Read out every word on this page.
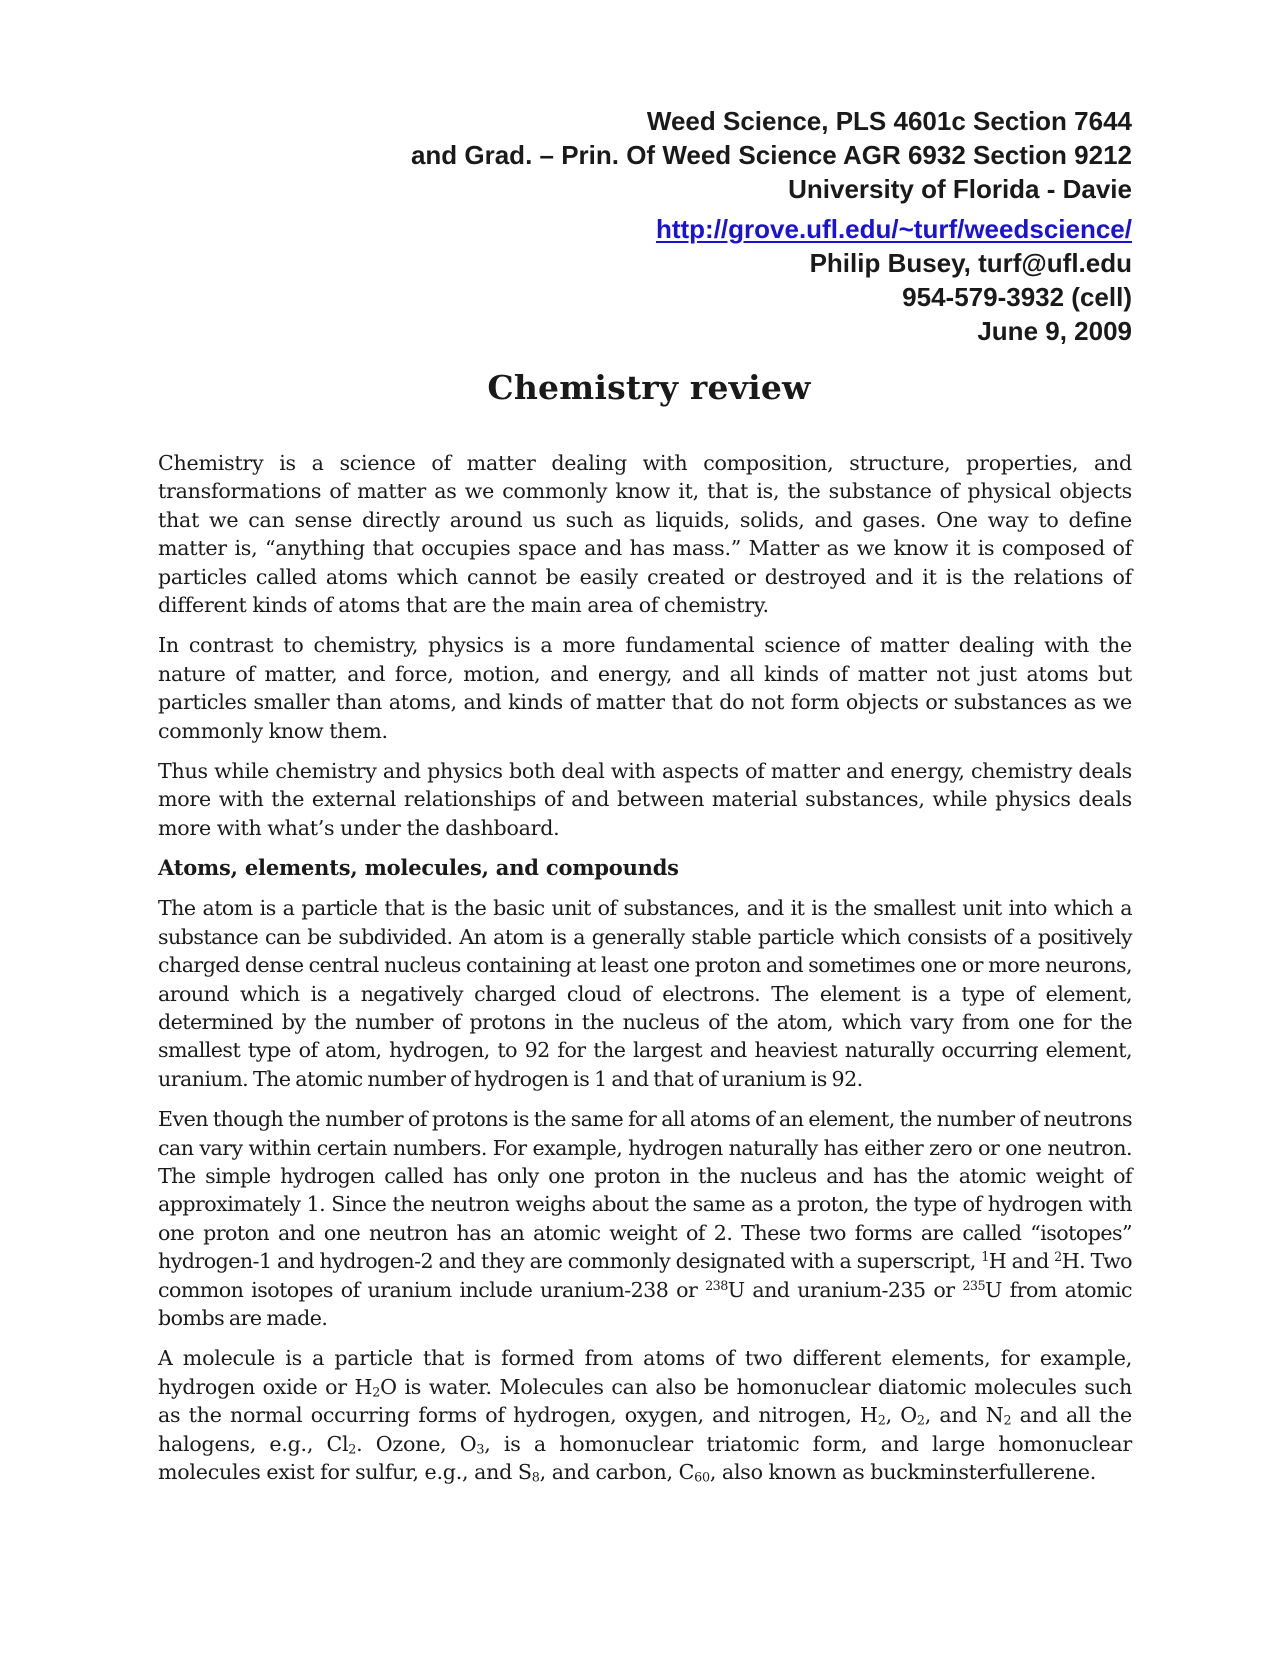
Weed Science, PLS 4601c Section 7644
and Grad. – Prin. Of Weed Science AGR 6932 Section 9212
University of Florida - Davie
http://grove.ufl.edu/~turf/weedscience/
Philip Busey, turf@ufl.edu
954-579-3932 (cell)
June 9, 2009
Chemistry review

Chemistry is a science of matter dealing with composition, structure, properties, and transformations of matter as we commonly know it, that is, the substance of physical objects that we can sense directly around us such as liquids, solids, and gases. One way to define matter is, “anything that occupies space and has mass.” Matter as we know it is composed of particles called atoms which cannot be easily created or destroyed and it is the relations of different kinds of atoms that are the main area of chemistry.

In contrast to chemistry, physics is a more fundamental science of matter dealing with the nature of matter, and force, motion, and energy, and all kinds of matter not just atoms but particles smaller than atoms, and kinds of matter that do not form objects or substances as we commonly know them.

Thus while chemistry and physics both deal with aspects of matter and energy, chemistry deals more with the external relationships of and between material substances, while physics deals more with what’s under the dashboard.

Atoms, elements, molecules, and compounds

The atom is a particle that is the basic unit of substances, and it is the smallest unit into which a substance can be subdivided. An atom is a generally stable particle which consists of a positively charged dense central nucleus containing at least one proton and sometimes one or more neurons, around which is a negatively charged cloud of electrons. The element is a type of element, determined by the number of protons in the nucleus of the atom, which vary from one for the smallest type of atom, hydrogen, to 92 for the largest and heaviest naturally occurring element, uranium. The atomic number of hydrogen is 1 and that of uranium is 92.

Even though the number of protons is the same for all atoms of an element, the number of neutrons can vary within certain numbers. For example, hydrogen naturally has either zero or one neutron. The simple hydrogen called has only one proton in the nucleus and has the atomic weight of approximately 1. Since the neutron weighs about the same as a proton, the type of hydrogen with one proton and one neutron has an atomic weight of 2. These two forms are called “isotopes” hydrogen-1 and hydrogen-2 and they are commonly designated with a superscript, $^1$H and $^2$H. Two common isotopes of uranium include uranium-238 or $^{238}$U and uranium-235 or $^{235}$U from atomic bombs are made.

A molecule is a particle that is formed from atoms of two different elements, for example, hydrogen oxide or $H_2O$ is water. Molecules can also be homonuclear diatomic molecules such as the normal occurring forms of hydrogen, oxygen, and nitrogen, $H_2$, $O_2$, and $N_2$ and all the halogens, e.g., $Cl_2$. Ozone, $O_3$, is a homonuclear triatomic form, and large homonuclear molecules exist for sulfur, e.g., and $S_8$, and carbon, $C_{60}$, also known as buckminsterfullerene.
